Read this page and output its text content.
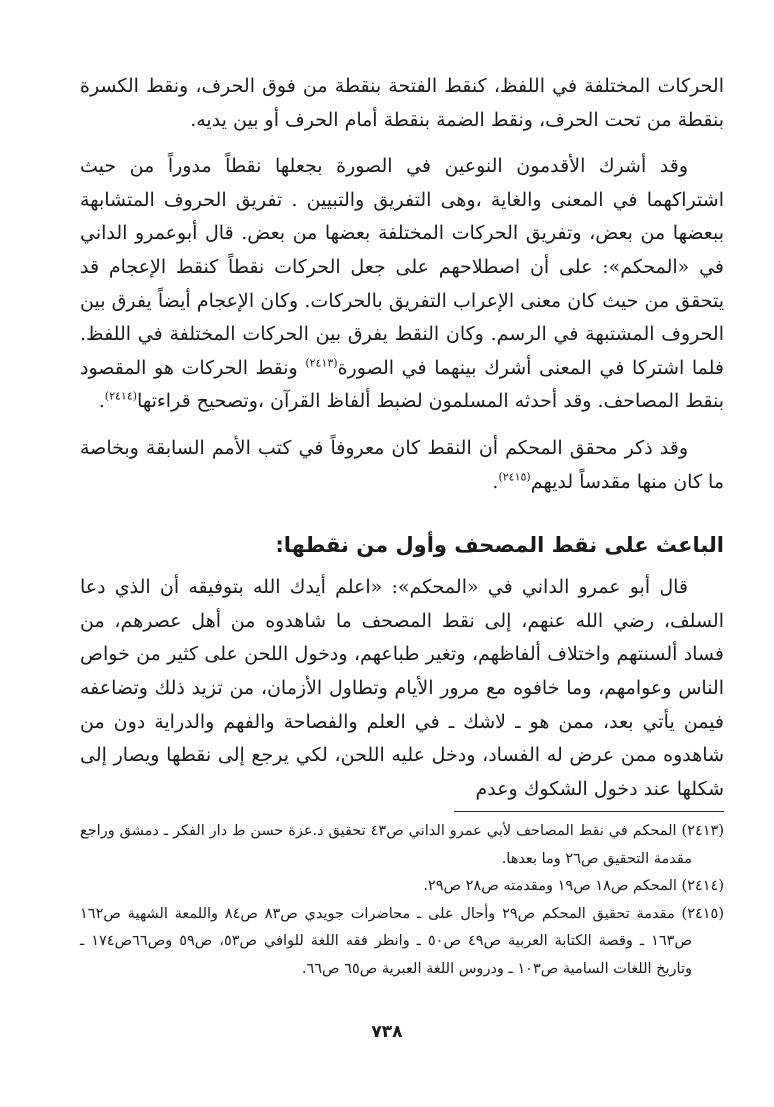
الحركات المختلفة في اللفظ، كنقط الفتحة بنقطة من فوق الحرف، ونقط الكسرة بنقطة من تحت الحرف، ونقط الضمة بنقطة أمام الحرف أو بين يديه.

وقد أشرك الأقدمون النوعين في الصورة بجعلها نقطاً مدوراً من حيث اشتراكهما في المعنى والغاية ،وهى التفريق والتبيين . تفريق الحروف المتشابهة ببعضها من بعض، وتفريق الحركات المختلفة بعضها من بعض. قال أبوعمرو الداني في «المحكم»: على أن اصطلاحهم على جعل الحركات نقطاً كنقط الإعجام قد يتحقق من حيث كان معنى الإعراب التفريق بالحركات. وكان الإعجام أيضاً يفرق بين الحروف المشتبهة في الرسم. وكان النقط يفرق بين الحركات المختلفة في اللفظ. فلما اشتركا في المعنى أشرك بينهما في الصورة$^{(٢٤١٣)}$ ونقط الحركات هو المقصود بنقط المصاحف. وقد أحدثه المسلمون لضبط ألفاظ القرآن ،وتصحيح قراءتها$^{(٢٤١٤)}$.

وقد ذكر محقق المحكم أن النقط كان معروفاً في كتب الأمم السابقة وبخاصة ما كان منها مقدساً لديهم$^{(٢٤١٥)}$.

الباعث على نقط المصحف وأول من نقطها:

قال أبو عمرو الداني في «المحكم»: «اعلم أيدك الله بتوفيقه أن الذي دعا السلف، رضي الله عنهم، إلى نقط المصحف ما شاهدوه من أهل عصرهم، من فساد ألسنتهم واختلاف ألفاظهم، وتغير طباعهم، ودخول اللحن على كثير من خواص الناس وعوامهم، وما خافوه مع مرور الأيام وتطاول الأزمان، من تزيد ذلك وتضاعفه فيمن يأتي بعد، ممن هو ـ لاشك ـ في العلم والفصاحة والفهم والدراية دون من شاهدوه ممن عرض له الفساد، ودخل عليه اللحن، لكي يرجع إلى نقطها ويصار إلى شكلها عند دخول الشكوك وعدم

(٢٤١٣) المحكم في نقط المصاحف لأبي عمرو الداني ص٤٣ تحقيق د.عزة حسن ط دار الفكر ـ دمشق وراجع مقدمة التحقيق ص٢٦ وما بعدها.

(٢٤١٤) المحكم ص١٨ ص١٩ ومقدمته ص٢٨ ص٢٩.

(٢٤١٥) مقدمة تحقيق المحكم ص٢٩ وأحال على ـ محاضرات جويدي ص٨٣ ص٨٤ واللمعة الشهية ص١٦٢ ص١٦٣ ـ وقصة الكتابة العربية ص٤٩ ص٥٠ ـ وانظر فقه اللغة للوافي ص٥٣، ص٥٩ وص٦٦ص١٧٤ ـ وتاريخ اللغات السامية ص١٠٣ ـ ودروس اللغة العبرية ص٦٥ ص٦٦.

٧٣٨
